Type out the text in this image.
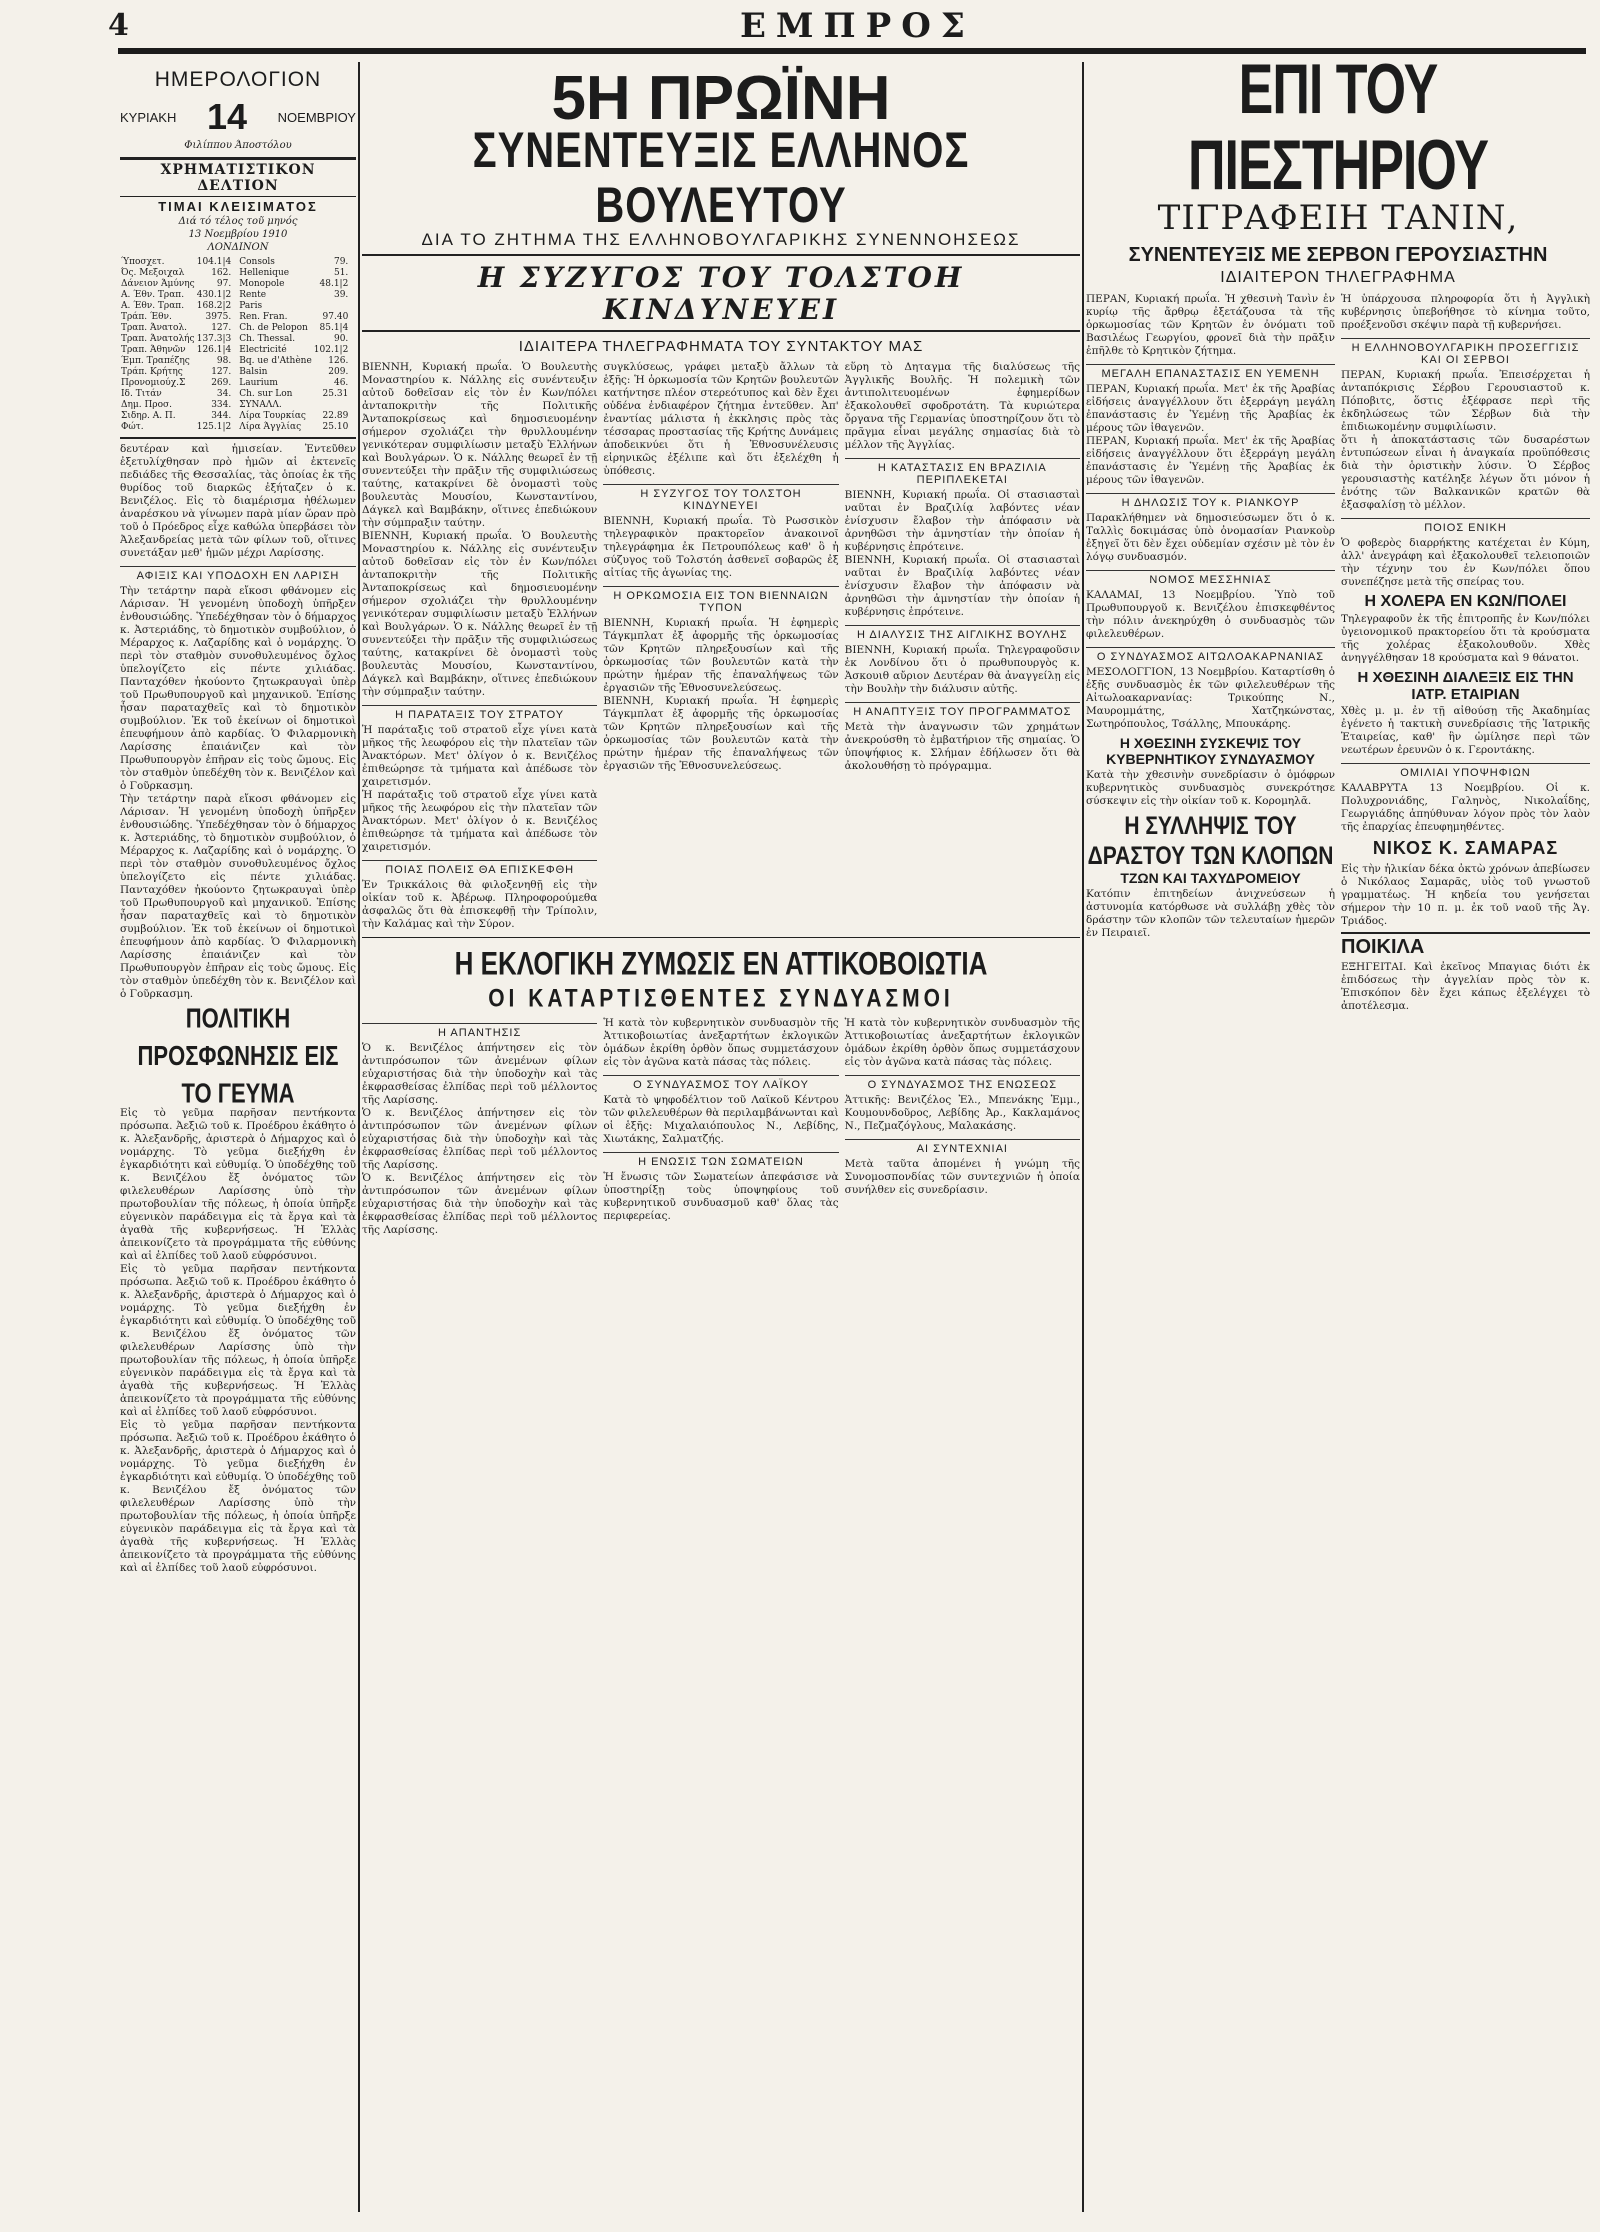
4	ΕΜΠΡΟΣ
ΗΜΕΡΟΛΟΓΙΟΝ
ΚΥΡΙΑΚΗ 14 ΝΟΕΜΒΡΙΟΥ
Φιλίππου Άποστόλου
ΧΡΗΜΑΤΙΣΤΙΚΟΝ ΔΕΛΤΙΟΝ
ΤΙΜΑΙ ΚΛΕΙΣΙΜΑΤΟΣ
Διά τό τέλος τοῦ μηνός
13 Νοεμβρίου 1910
ΛΟΝΔΙΝΟΝ
Ύποσχετ.	104.1|4
Ός. Μεξοιχαλ	162.
Δάνειον Άμύνης	97.
Α. Έθν. Τραπ.	430.1|2
Α. Έθν. Τραπ.	168.2|2
Τράπ. Έθν.	3975.
Τραπ. Άνατολ.	127.
Τραπ. Άνατολής	137.3|3
Τραπ. Άθηνῶν	126.1|4
Έμπ. Τραπέζης	98.
Τράπ. Κρήτης	127.
Προνομιούχ.Σ	269.
Ιδ. Τιτάν	34.
Δημ. Προσ.	334.
Σιδηρ. Α. Π.	344.
Φώτ.	125.1|2
Consols	79.
Hellenique	51.
Monopole	48.1|2
Rente	39.
Paris	
Ren. Fran.	97.40
Ch. de Pelopon	85.1|4
Ch. Thessal.	90.
Electricité	102.1|2
Bq. ue d'Athène	126.
Balsin	209.
Laurium	46.
Ch. sur Lon	25.31
ΣΥΝΑΛΛ.	
Λίρα Τουρκίας	22.89
Λίρα Άγγλίας	25.10

δευτέραν καὶ ἡμισείαν. Ἐντεῦθεν ἐξετυλίχθησαν πρὸ ἡμῶν αἱ ἐκτενεῖς πεδιάδες τῆς Θεσσαλίας, τὰς ὁποίας ἐκ τῆς θυρίδος τοῦ διαρκῶς ἐξήταζεν ὁ κ. Βενιζέλος. Εἰς τὸ διαμέρισμα ἠθέλωμεν ἀναρέσκου νὰ γίνωμεν παρὰ μίαν ὥραν πρὸ τοῦ ὁ Πρόεδρος εἶχε καθώλα ὑπερβάσει τὸν Ἀλεξανδρείας μετὰ τῶν φίλων τοῦ, οἵτινες συνετάξαν μεθ' ἡμῶν μέχρι Λαρίσσης.

ΑΦΙΞΙΣ ΚΑΙ ΥΠΟΔΟΧΗ ΕΝ ΛΑΡΙΣΗ

Τὴν τετάρτην παρὰ εἴκοσι φθάνομεν εἰς Λάρισαν. Ἡ γενομένη ὑποδοχὴ ὑπῆρξεν ἐνθουσιώδης. Ὑπεδέχθησαν τὸν ὁ δήμαρχος κ. Ἀστεριάδης, τὸ δημοτικὸν συμβούλιον, ὁ Μέραρχος κ. Λαζαρίδης καὶ ὁ νομάρχης. Ὁ περὶ τὸν σταθμὸν συνοθυλευμένος ὄχλος ὑπελογίζετο εἰς πέντε χιλιάδας. Πανταχόθεν ἠκούοντο ζητωκραυγαὶ ὑπὲρ τοῦ Πρωθυπουργοῦ καὶ μηχανικοῦ. Ἐπίσης ἦσαν παραταχθεῖς καὶ τὸ δημοτικὸν συμβούλιον. Ἐκ τοῦ ἐκείνων οἱ δημοτικοὶ ἐπευφήμουν ἀπὸ καρδίας. Ὁ Φιλαρμονικὴ Λαρίσσης ἐπαιάνιζεν καὶ τὸν Πρωθυπουργὸν ἐπῆραν εἰς τοὺς ὤμους. Εἰς τὸν σταθμὸν ὑπεδέχθη τὸν κ. Βενιζέλον καὶ ὁ Γοῦρκασμη.

Τὴν τετάρτην παρὰ εἴκοσι φθάνομεν εἰς Λάρισαν. Ἡ γενομένη ὑποδοχὴ ὑπῆρξεν ἐνθουσιώδης. Ὑπεδέχθησαν τὸν ὁ δήμαρχος κ. Ἀστεριάδης, τὸ δημοτικὸν συμβούλιον, ὁ Μέραρχος κ. Λαζαρίδης καὶ ὁ νομάρχης. Ὁ περὶ τὸν σταθμὸν συνοθυλευμένος ὄχλος ὑπελογίζετο εἰς πέντε χιλιάδας. Πανταχόθεν ἠκούοντο ζητωκραυγαὶ ὑπὲρ τοῦ Πρωθυπουργοῦ καὶ μηχανικοῦ. Ἐπίσης ἦσαν παραταχθεῖς καὶ τὸ δημοτικὸν συμβούλιον. Ἐκ τοῦ ἐκείνων οἱ δημοτικοὶ ἐπευφήμουν ἀπὸ καρδίας. Ὁ Φιλαρμονικὴ Λαρίσσης ἐπαιάνιζεν καὶ τὸν Πρωθυπουργὸν ἐπῆραν εἰς τοὺς ὤμους. Εἰς τὸν σταθμὸν ὑπεδέχθη τὸν κ. Βενιζέλον καὶ ὁ Γοῦρκασμη.

ΠΟΛΙΤΙΚΗ ΠΡΟΣΦΩΝΗΣΙΣ ΕΙΣ ΤΟ ΓΕΥΜΑ

Εἰς τὸ γεῦμα παρῆσαν πεντήκοντα πρόσωπα. Ἀεξιῶ τοῦ κ. Προέδρου ἐκάθητο ὁ κ. Ἀλεξανδρῆς, ἀριστερὰ ὁ Δήμαρχος καὶ ὁ νομάρχης. Τὸ γεῦμα διεξήχθη ἐν ἐγκαρδιότητι καὶ εὐθυμίᾳ. Ὁ ὑποδέχθης τοῦ κ. Βενιζέλου ἔξ ὀνόματος τῶν φιλελευθέρων Λαρίσσης ὑπὸ τὴν πρωτοβουλίαν τῆς πόλεως, ἡ ὁποία ὑπῆρξε εὐγενικὸν παράδειγμα εἰς τὰ ἔργα καὶ τὰ ἀγαθὰ τῆς κυβερνήσεως. Ἡ Ἑλλὰς ἀπεικονίζετο τὰ προγράμματα τῆς εὐθύνης καὶ αἱ ἐλπίδες τοῦ λαοῦ εὐφρόσυνοι.

Εἰς τὸ γεῦμα παρῆσαν πεντήκοντα πρόσωπα. Ἀεξιῶ τοῦ κ. Προέδρου ἐκάθητο ὁ κ. Ἀλεξανδρῆς, ἀριστερὰ ὁ Δήμαρχος καὶ ὁ νομάρχης. Τὸ γεῦμα διεξήχθη ἐν ἐγκαρδιότητι καὶ εὐθυμίᾳ. Ὁ ὑποδέχθης τοῦ κ. Βενιζέλου ἔξ ὀνόματος τῶν φιλελευθέρων Λαρίσσης ὑπὸ τὴν πρωτοβουλίαν τῆς πόλεως, ἡ ὁποία ὑπῆρξε εὐγενικὸν παράδειγμα εἰς τὰ ἔργα καὶ τὰ ἀγαθὰ τῆς κυβερνήσεως. Ἡ Ἑλλὰς ἀπεικονίζετο τὰ προγράμματα τῆς εὐθύνης καὶ αἱ ἐλπίδες τοῦ λαοῦ εὐφρόσυνοι.

Εἰς τὸ γεῦμα παρῆσαν πεντήκοντα πρόσωπα. Ἀεξιῶ τοῦ κ. Προέδρου ἐκάθητο ὁ κ. Ἀλεξανδρῆς, ἀριστερὰ ὁ Δήμαρχος καὶ ὁ νομάρχης. Τὸ γεῦμα διεξήχθη ἐν ἐγκαρδιότητι καὶ εὐθυμίᾳ. Ὁ ὑποδέχθης τοῦ κ. Βενιζέλου ἔξ ὀνόματος τῶν φιλελευθέρων Λαρίσσης ὑπὸ τὴν πρωτοβουλίαν τῆς πόλεως, ἡ ὁποία ὑπῆρξε εὐγενικὸν παράδειγμα εἰς τὰ ἔργα καὶ τὰ ἀγαθὰ τῆς κυβερνήσεως. Ἡ Ἑλλὰς ἀπεικονίζετο τὰ προγράμματα τῆς εὐθύνης καὶ αἱ ἐλπίδες τοῦ λαοῦ εὐφρόσυνοι.

5Η ΠΡΩΪΝΗ
ΣΥΝΕΝΤΕΥΞΙΣ ΕΛΛΗΝΟΣ ΒΟΥΛΕΥΤΟΥ
ΔΙΑ ΤΟ ΖΗΤΗΜΑ ΤΗΣ ΕΛΛΗΝΟΒΟΥΛΓΑΡΙΚΗΣ ΣΥΝΕΝΝΟΗΣΕΩΣ
Η ΣΥΖΥΓΟΣ ΤΟΥ ΤΟΛΣΤΟΗ ΚΙΝΔΥΝΕΥΕΙ
ΙΔΙΑΙΤΕΡΑ ΤΗΛΕΓΡΑΦΗΜΑΤΑ ΤΟΥ ΣΥΝΤΑΚΤΟΥ ΜΑΣ

ΒΙΕΝΝΗ, Κυριακή πρωΐα. Ὁ Βουλευτὴς Μοναστηρίου κ. Νάλλης εἰς συνέντευξιν αὐτοῦ δοθεῖσαν εἰς τὸν ἐν Κων/πόλει ἀνταποκριτὴν τῆς Πολιτικῆς Ἀνταποκρίσεως καὶ δημοσιευομένην σήμερον σχολιάζει τὴν θρυλλουμένην γενικότεραν συμφιλίωσιν μεταξὺ Ἑλλήνων καὶ Βουλγάρων. Ὁ κ. Νάλλης θεωρεῖ ἐν τῇ συνεντεύξει τὴν πρᾶξιν τῆς συμφιλιώσεως ταύτης, κατακρίνει δὲ ὀνομαστὶ τοὺς βουλευτὰς Μουσίου, Κωνσταντίνου, Δάγκελ καὶ Βαμβάκην, οἵτινες ἐπεδιώκουν τὴν σύμπραξιν ταύτην.

ΒΙΕΝΝΗ, Κυριακή πρωΐα. Ὁ Βουλευτὴς Μοναστηρίου κ. Νάλλης εἰς συνέντευξιν αὐτοῦ δοθεῖσαν εἰς τὸν ἐν Κων/πόλει ἀνταποκριτὴν τῆς Πολιτικῆς Ἀνταποκρίσεως καὶ δημοσιευομένην σήμερον σχολιάζει τὴν θρυλλουμένην γενικότεραν συμφιλίωσιν μεταξὺ Ἑλλήνων καὶ Βουλγάρων. Ὁ κ. Νάλλης θεωρεῖ ἐν τῇ συνεντεύξει τὴν πρᾶξιν τῆς συμφιλιώσεως ταύτης, κατακρίνει δὲ ὀνομαστὶ τοὺς βουλευτὰς Μουσίου, Κωνσταντίνου, Δάγκελ καὶ Βαμβάκην, οἵτινες ἐπεδιώκουν τὴν σύμπραξιν ταύτην.

Η ΠΑΡΑΤΑΞΙΣ ΤΟΥ ΣΤΡΑΤΟΥ

Ἡ παράταξις τοῦ στρατοῦ εἶχε γίνει κατὰ μῆκος τῆς λεωφόρου εἰς τὴν πλατεῖαν τῶν Ἀνακτόρων. Μετ' ὀλίγον ὁ κ. Βενιζέλος ἐπιθεώρησε τὰ τμήματα καὶ ἀπέδωσε τὸν χαιρετισμόν.

Ἡ παράταξις τοῦ στρατοῦ εἶχε γίνει κατὰ μῆκος τῆς λεωφόρου εἰς τὴν πλατεῖαν τῶν Ἀνακτόρων. Μετ' ὀλίγον ὁ κ. Βενιζέλος ἐπιθεώρησε τὰ τμήματα καὶ ἀπέδωσε τὸν χαιρετισμόν.

ΠΟΙΑΣ ΠΟΛΕΙΣ ΘΑ ΕΠΙΣΚΕΦΘΗ

Ἐν Τρικκάλοις θὰ φιλοξενηθῇ εἰς τὴν οἰκίαν τοῦ κ. Ἀβέρωφ. Πληροφορούμεθα ἀσφαλῶς ὅτι θὰ ἐπισκεφθῇ τὴν Τρίπολιν, τὴν Καλάμας καὶ τὴν Σύρον.

συγκλύσεως, γράφει μεταξὺ ἄλλων τὰ ἑξῆς: Ἡ ὁρκωμοσία τῶν Κρητῶν βουλευτῶν κατήντησε πλέον στερεότυπος καὶ δὲν ἔχει οὐδένα ἐνδιαφέρον ζήτημα ἐντεῦθεν. Ἀπ' ἐναντίας μάλιστα ἡ ἐκκλησις πρὸς τὰς τέσσαρας προστασίας τῆς Κρήτης Δυνάμεις ἀποδεικνύει ὅτι ἡ Ἑθνοσυνέλευσις εἰρηνικῶς ἐξέλιπε καὶ ὅτι ἐξελέχθη ἡ ὑπόθεσις.

Η ΣΥΖΥΓΟΣ ΤΟΥ ΤΟΛΣΤΟΗ ΚΙΝΔΥΝΕΥΕΙ

ΒΙΕΝΝΗ, Κυριακή πρωΐα. Τὸ Ρωσσικὸν τηλεγραφικὸν πρακτορεῖον ἀνακοινοῖ τηλεγράφημα ἐκ Πετρουπόλεως καθ' ὃ ἡ σύζυγος τοῦ Τολστόη ἀσθενεῖ σοβαρῶς ἐξ αἰτίας τῆς ἀγωνίας της.

Η ΟΡΚΩΜΟΣΙΑ ΕΙΣ ΤΟΝ ΒΙΕΝΝΑΙΩΝ ΤΥΠΟΝ

ΒΙΕΝΝΗ, Κυριακή πρωΐα. Ἡ ἐφημερὶς Τάγκμπλατ ἐξ ἀφορμῆς τῆς ὁρκωμοσίας τῶν Κρητῶν πληρεξουσίων καὶ τῆς ὁρκωμοσίας τῶν βουλευτῶν κατὰ τὴν πρώτην ἡμέραν τῆς ἐπαναλήψεως τῶν ἐργασιῶν τῆς Ἐθνοσυνελεύσεως.

ΒΙΕΝΝΗ, Κυριακή πρωΐα. Ἡ ἐφημερὶς Τάγκμπλατ ἐξ ἀφορμῆς τῆς ὁρκωμοσίας τῶν Κρητῶν πληρεξουσίων καὶ τῆς ὁρκωμοσίας τῶν βουλευτῶν κατὰ τὴν πρώτην ἡμέραν τῆς ἐπαναλήψεως τῶν ἐργασιῶν τῆς Ἐθνοσυνελεύσεως.

εὕρη τὸ Δηταγμα τῆς διαλύσεως τῆς Ἀγγλικῆς Βουλῆς. Ἡ πολεμικὴ τῶν ἀντιπολιτευομένων ἐφημερίδων ἐξακολουθεῖ σφοδροτάτη. Τὰ κυριώτερα ὄργανα τῆς Γερμανίας ὑποστηρίζουν ὅτι τὸ πρᾶγμα εἶναι μεγάλης σημασίας διὰ τὸ μέλλον τῆς Ἀγγλίας.

Η ΚΑΤΑΣΤΑΣΙΣ ΕΝ ΒΡΑΖΙΛΙΑ ΠΕΡΙΠΛΕΚΕΤΑΙ

ΒΙΕΝΝΗ, Κυριακή πρωΐα. Οἱ στασιασταὶ ναῦται ἐν Βραζιλίᾳ λαβόντες νέαν ἐνίσχυσιν ἔλαβον τὴν ἀπόφασιν νὰ ἀρνηθῶσι τὴν ἀμνηστίαν τὴν ὁποίαν ἡ κυβέρνησις ἐπρότεινε.

ΒΙΕΝΝΗ, Κυριακή πρωΐα. Οἱ στασιασταὶ ναῦται ἐν Βραζιλίᾳ λαβόντες νέαν ἐνίσχυσιν ἔλαβον τὴν ἀπόφασιν νὰ ἀρνηθῶσι τὴν ἀμνηστίαν τὴν ὁποίαν ἡ κυβέρνησις ἐπρότεινε.

Η ΔΙΑΛΥΣΙΣ ΤΗΣ ΑΙΓΛΙΚΗΣ ΒΟΥΛΗΣ

ΒΙΕΝΝΗ, Κυριακή πρωΐα. Τηλεγραφοῦσιν ἐκ Λονδίνου ὅτι ὁ πρωθυπουργὸς κ. Ἀσκουιθ αὔριον Δευτέραν θὰ ἀναγγείλῃ εἰς τὴν Βουλὴν τὴν διάλυσιν αὐτῆς.

Η ΑΝΑΠΤΥΞΙΣ ΤΟΥ ΠΡΟΓΡΑΜΜΑΤΟΣ

Μετὰ τὴν ἀναγνωσιν τῶν χρημάτων ἀνεκρούσθη τὸ ἐμβατήριον τῆς σημαίας. Ὁ ὑποψήφιος κ. Σλήμαν ἐδήλωσεν ὅτι θὰ ἀκολουθήσῃ τὸ πρόγραμμα.

Η ΕΚΛΟΓΙΚΗ ΖΥΜΩΣΙΣ ΕΝ ΑΤΤΙΚΟΒΟΙΩΤΙΑ
ΟΙ ΚΑΤΑΡΤΙΣΘΕΝΤΕΣ ΣΥΝΔΥΑΣΜΟΙ
Η ΑΠΑΝΤΗΣΙΣ

Ὁ κ. Βενιζέλος ἀπήντησεν εἰς τὸν ἀντιπρόσωπον τῶν ἀνεμένων φίλων εὐχαριστήσας διὰ τὴν ὑποδοχὴν καὶ τὰς ἐκφρασθείσας ἐλπίδας περὶ τοῦ μέλλοντος τῆς Λαρίσσης.

Ὁ κ. Βενιζέλος ἀπήντησεν εἰς τὸν ἀντιπρόσωπον τῶν ἀνεμένων φίλων εὐχαριστήσας διὰ τὴν ὑποδοχὴν καὶ τὰς ἐκφρασθείσας ἐλπίδας περὶ τοῦ μέλλοντος τῆς Λαρίσσης.

Ὁ κ. Βενιζέλος ἀπήντησεν εἰς τὸν ἀντιπρόσωπον τῶν ἀνεμένων φίλων εὐχαριστήσας διὰ τὴν ὑποδοχὴν καὶ τὰς ἐκφρασθείσας ἐλπίδας περὶ τοῦ μέλλοντος τῆς Λαρίσσης.

Ἡ κατὰ τὸν κυβερνητικὸν συνδυασμὸν τῆς Ἀττικοβοιωτίας ἀνεξαρτήτων ἐκλογικῶν ὁμάδων ἐκρίθη ὀρθὸν ὅπως συμμετάσχουν εἰς τὸν ἀγῶνα κατὰ πάσας τὰς πόλεις.

Ο ΣΥΝΔΥΑΣΜΟΣ ΤΟΥ ΛΑΪΚΟΥ

Κατὰ τὸ ψηφοδέλτιον τοῦ Λαϊκοῦ Κέντρου τῶν φιλελευθέρων θὰ περιλαμβάνωνται καὶ οἱ ἑξῆς: Μιχαλαιόπουλος Ν., Λεβίδης, Χιωτάκης, Σαλματζής.

Η ΕΝΩΣΙΣ ΤΩΝ ΣΩΜΑΤΕΙΩΝ

Ἡ ἔνωσις τῶν Σωματείων ἀπεφάσισε νὰ ὑποστηρίξῃ τοὺς ὑποψηφίους τοῦ κυβερνητικοῦ συνδυασμοῦ καθ' ὅλας τὰς περιφερείας.

Ἡ κατὰ τὸν κυβερνητικὸν συνδυασμὸν τῆς Ἀττικοβοιωτίας ἀνεξαρτήτων ἐκλογικῶν ὁμάδων ἐκρίθη ὀρθὸν ὅπως συμμετάσχουν εἰς τὸν ἀγῶνα κατὰ πάσας τὰς πόλεις.

Ο ΣΥΝΔΥΑΣΜΟΣ ΤΗΣ ΕΝΩΣΕΩΣ

Ἀττικῆς: Βενιζέλος Ἐλ., Μπενάκης Ἐμμ., Κουμουνδοῦρος, Λεβίδης Ἀρ., Κακλαμάνος Ν., Πεζμαζόγλους, Μαλακάσης.

ΑΙ ΣΥΝΤΕΧΝΙΑΙ

Μετὰ ταῦτα ἀπομένει ἡ γνώμη τῆς Συνομοσπονδίας τῶν συντεχνιῶν ἡ ὁποία συνήλθεν εἰς συνεδρίασιν.

ΕΠΙ ΤΟΥ ΠΙΕΣΤΗΡΙΟΥ
ΤΙΓΡΑΦΕΙΗ ΤΑΝΙΝ,
ΣΥΝΕΝΤΕΥΞΙΣ ΜΕ ΣΕΡΒΟΝ ΓΕΡΟΥΣΙΑΣΤΗΝ
ΙΔΙΑΙΤΕΡΟΝ ΤΗΛΕΓΡΑΦΗΜΑ

ΠΕΡΑΝ, Κυριακή πρωΐα. Ἡ χθεσινὴ Τανὶν ἐν κυρίῳ τῆς ἄρθρῳ ἐξετάζουσα τὰ τῆς ὁρκωμοσίας τῶν Κρητῶν ἐν ὀνόματι τοῦ Βασιλέως Γεωργίου, φρονεῖ διὰ τὴν πρᾶξιν ἐπῆλθε τὸ Κρητικὸν ζήτημα.

ΜΕΓΑΛΗ ΕΠΑΝΑΣΤΑΣΙΣ ΕΝ ΥΕΜΕΝΗ

ΠΕΡΑΝ, Κυριακή πρωΐα. Μετ' ἐκ τῆς Ἀραβίας εἰδήσεις ἀναγγέλλουν ὅτι ἐξερράγη μεγάλη ἐπανάστασις ἐν Ὑεμένῃ τῆς Ἀραβίας ἐκ μέρους τῶν ἰθαγενῶν.

ΠΕΡΑΝ, Κυριακή πρωΐα. Μετ' ἐκ τῆς Ἀραβίας εἰδήσεις ἀναγγέλλουν ὅτι ἐξερράγη μεγάλη ἐπανάστασις ἐν Ὑεμένῃ τῆς Ἀραβίας ἐκ μέρους τῶν ἰθαγενῶν.

Η ΔΗΛΩΣΙΣ ΤΟΥ κ. ΡΙΑΝΚΟΥΡ

Παρακλήθημεν νὰ δημοσιεύσωμεν ὅτι ὁ κ. Ταλλὶς δοκιμάσας ὑπὸ ὀνομασίαν Ριανκοὺρ ἐξηγεῖ ὅτι δὲν ἔχει οὐδεμίαν σχέσιν μὲ τὸν ἐν λόγῳ συνδυασμόν.

ΝΟΜΟΣ ΜΕΣΣΗΝΙΑΣ

ΚΑΛΑΜΑΙ, 13 Νοεμβρίου. Ὑπὸ τοῦ Πρωθυπουργοῦ κ. Βενιζέλου ἐπισκεφθέντος τὴν πόλιν ἀνεκηρύχθη ὁ συνδυασμὸς τῶν φιλελευθέρων.

Ο ΣΥΝΔΥΑΣΜΟΣ ΑΙΤΩΛΟΑΚΑΡΝΑΝΙΑΣ

ΜΕΣΟΛΟΓΓΙΟΝ, 13 Νοεμβρίου. Καταρτίσθη ὁ ἑξῆς συνδυασμὸς ἐκ τῶν φιλελευθέρων τῆς Αἰτωλοακαρνανίας: Τρικούπης Ν., Μαυρομμάτης, Χατζηκώνστας, Σωτηρόπουλος, Τσάλλης, Μπουκάρης.

Η ΧΘΕΣΙΝΗ ΣΥΣΚΕΨΙΣ ΤΟΥ ΚΥΒΕΡΝΗΤΙΚΟΥ ΣΥΝΔΥΑΣΜΟΥ

Κατὰ τὴν χθεσινὴν συνεδρίασιν ὁ ὁμόφρων κυβερνητικὸς συνδυασμὸς συνεκρότησε σύσκεψιν εἰς τὴν οἰκίαν τοῦ κ. Κορομηλᾶ.

Η ΣΥΛΛΗΨΙΣ ΤΟΥ ΔΡΑΣΤΟΥ ΤΩΝ ΚΛΟΠΩΝ
ΤΖΩΝ ΚΑΙ ΤΑΧΥΔΡΟΜΕΙΟΥ

Κατόπιν ἐπιτηδείων ἀνιχνεύσεων ἡ ἀστυνομία κατόρθωσε νὰ συλλάβῃ χθὲς τὸν δράστην τῶν κλοπῶν τῶν τελευταίων ἡμερῶν ἐν Πειραιεῖ.

Ἡ ὑπάρχουσα πληροφορία ὅτι ἡ Ἀγγλικὴ κυβέρνησις ὑπεβοήθησε τὸ κίνημα τοῦτο, προέξενοῦσι σκέψιν παρὰ τῇ κυβερνήσει.

Η ΕΛΛΗΝΟΒΟΥΛΓΑΡΙΚΗ ΠΡΟΣΕΓΓΙΣΙΣ ΚΑΙ ΟΙ ΣΕΡΒΟΙ

ΠΕΡΑΝ, Κυριακή πρωΐα. Ἐπεισέρχεται ἡ ἀνταπόκρισις Σέρβου Γερουσιαστοῦ κ. Πόποβιτς, ὅστις ἐξέφρασε περὶ τῆς ἐκδηλώσεως τῶν Σέρβων διὰ τὴν ἐπιδιωκομένην συμφιλίωσιν.

ὅτι ἡ ἀποκατάστασις τῶν δυσαρέστων ἐντυπώσεων εἶναι ἡ ἀναγκαία προϋπόθεσις διὰ τὴν ὁριστικὴν λύσιν. Ὁ Σέρβος γερουσιαστὴς κατέληξε λέγων ὅτι μόνον ἡ ἑνότης τῶν Βαλκανικῶν κρατῶν θὰ ἐξασφαλίσῃ τὸ μέλλον.

ΠΟΙΟΣ ΕΝΙΚΗ

Ὁ φοβερὸς διαρρήκτης κατέχεται ἐν Κύμη, ἀλλ' ἀνεγράφη καὶ ἐξακολουθεῖ τελειοποιῶν τὴν τέχνην του ἐν Κων/πόλει ὅπου συνεπέζησε μετὰ τῆς σπείρας του.

Η ΧΟΛΕΡΑ ΕΝ ΚΩΝ/ΠΟΛΕΙ

Τηλεγραφοῦν ἐκ τῆς ἐπιτροπῆς ἐν Κων/πόλει ὑγειονομικοῦ πρακτορείου ὅτι τὰ κρούσματα τῆς χολέρας ἐξακολουθοῦν. Χθὲς ἀνηγγέλθησαν 18 κρούσματα καὶ 9 θάνατοι.

Η ΧΘΕΣΙΝΗ ΔΙΑΛΕΞΙΣ ΕΙΣ ΤΗΝ ΙΑΤΡ. ΕΤΑΙΡΙΑΝ

Χθὲς μ. μ. ἐν τῇ αἰθούσῃ τῆς Ἀκαδημίας ἐγένετο ἡ τακτικὴ συνεδρίασις τῆς Ἰατρικῆς Ἑταιρείας, καθ' ἣν ὡμίλησε περὶ τῶν νεωτέρων ἐρευνῶν ὁ κ. Γεροντάκης.

ΟΜΙΛΙΑΙ ΥΠΟΨΗΦΙΩΝ

ΚΑΛΑΒΡΥΤΑ 13 Νοεμβρίου. Οἱ κ. Πολυχρονιάδης, Γαληνὸς, Νικολαΐδης, Γεωργιάδης ἀπηύθυναν λόγον πρὸς τὸν λαὸν τῆς ἐπαρχίας ἐπευφημηθέντες.

ΝΙΚΟΣ Κ. ΣΑΜΑΡΑΣ

Εἰς τὴν ἡλικίαν δέκα ὀκτὼ χρόνων ἀπεβίωσεν ὁ Νικόλαος Σαμαρᾶς, υἱὸς τοῦ γνωστοῦ γραμματέως. Ἡ κηδεία του γενήσεται σήμερον τὴν 10 π. μ. ἐκ τοῦ ναοῦ τῆς Ἁγ. Τριάδος.

ΠΟΙΚΙΛΑ

ΕΞΗΓΕΙΤΑΙ. Καὶ ἐκεῖνος Μπαγιας διότι ἐκ ἐπιδόσεως τὴν ἀγγελίαν πρὸς τὸν κ. Ἐπισκόπον δὲν ἔχει κάπως ἐξελέγχει τὸ ἀποτέλεσμα.
